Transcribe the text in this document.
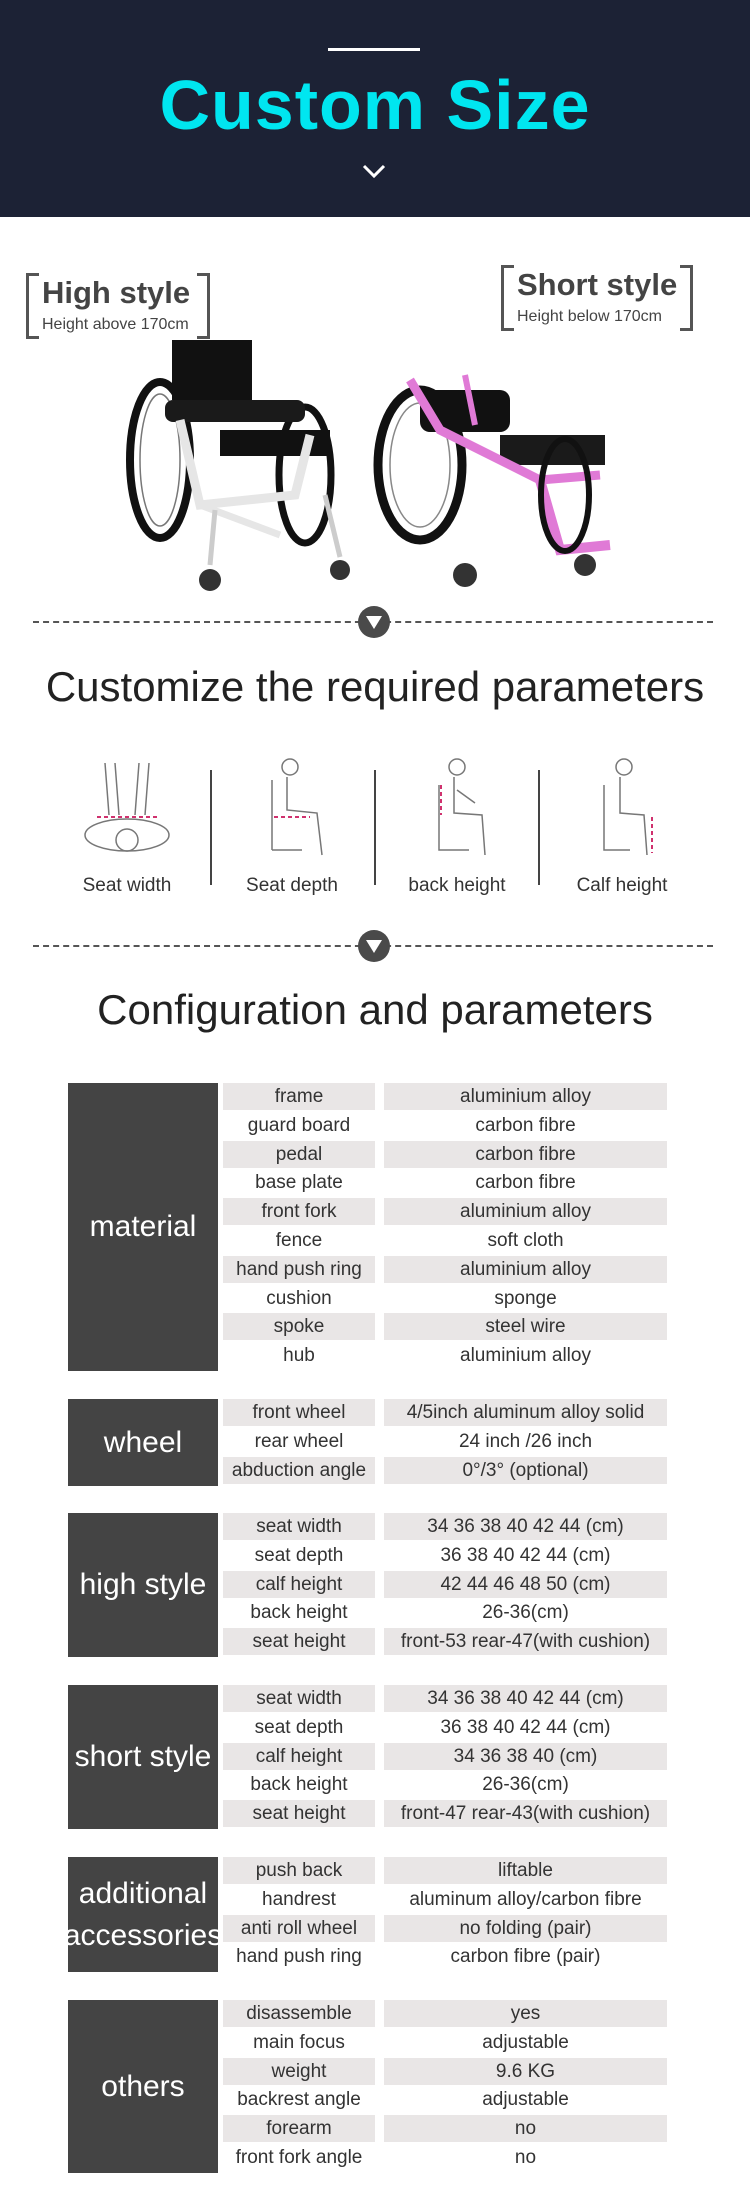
Custom Size
High style
Height above 170cm
Short style
Height below 170cm
Customize the required parameters
Seat width	Seat depth	back height	Calf height
Configuration and parameters
material
frame	aluminium alloy
guard board	carbon fibre
pedal	carbon fibre
base plate	carbon fibre
front fork	aluminium alloy
fence	soft cloth
hand push ring	aluminium alloy
cushion	sponge
spoke	steel wire
hub	aluminium alloy
wheel
front wheel	4/5inch aluminum alloy solid
rear wheel	24 inch /26 inch
abduction angle	0°/3° (optional)
high style
seat width	34 36 38 40 42 44 (cm)
seat depth	36 38 40 42 44 (cm)
calf height	42 44 46 48 50 (cm)
back height	26-36(cm)
seat height	front-53 rear-47(with cushion)
short style
seat width	34 36 38 40 42 44 (cm)
seat depth	36 38 40 42 44 (cm)
calf height	34 36 38 40 (cm)
back height	26-36(cm)
seat height	front-47 rear-43(with cushion)
additional accessories
push back	liftable
handrest	aluminum alloy/carbon fibre
anti roll wheel	no folding (pair)
hand push ring	carbon fibre (pair)
others
disassemble	yes
main focus	adjustable
weight	9.6 KG
backrest angle	adjustable
forearm	no
front fork angle	no
